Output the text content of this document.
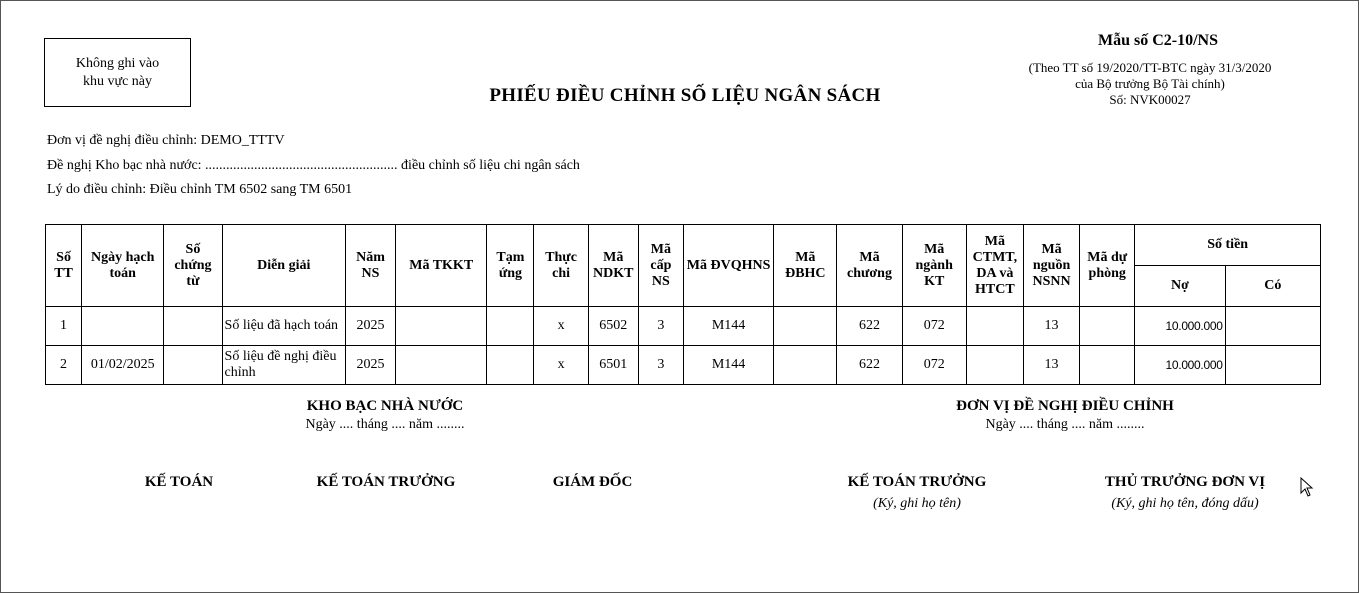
Không ghi vào
khu vực này
Mẫu số C2-10/NS
(Theo TT số 19/2020/TT-BTC ngày 31/3/2020
của Bộ trưởng Bộ Tài chính)
Số: NVK00027
PHIẾU ĐIỀU CHỈNH SỐ LIỆU NGÂN SÁCH
Đơn vị đề nghị điều chỉnh: DEMO_TTTV
Đề nghị Kho bạc nhà nước: ....................................................... điều chỉnh số liệu chi ngân sách
Lý do điều chỉnh: Điều chỉnh TM 6502 sang TM 6501
Số TT	Ngày hạch toán	Số chứng từ	Diễn giải	Năm NS	Mã TKKT	Tạm ứng	Thực chi	Mã NDKT	Mã cấp NS	Mã ĐVQHNS	Mã ĐBHC	Mã chương	Mã ngành KT	Mã CTMT, DA và HTCT	Mã nguồn NSNN	Mã dự phòng	Số tiền	
																	Nợ	Có
1			Số liệu đã hạch toán	2025			x	6502	3	M144		622	072		13		10.000.000	
2	01/02/2025		Số liệu đề nghị điều chỉnh	2025			x	6501	3	M144		622	072		13		10.000.000	
KHO BẠC NHÀ NƯỚC
Ngày .... tháng .... năm ........
ĐƠN VỊ ĐỀ NGHỊ ĐIỀU CHỈNH
Ngày .... tháng .... năm ........
KẾ TOÁN	KẾ TOÁN TRƯỞNG	GIÁM ĐỐC	KẾ TOÁN TRƯỞNG
(Ký, ghi họ tên)
THỦ TRƯỞNG ĐƠN VỊ
(Ký, ghi họ tên, đóng dấu)
